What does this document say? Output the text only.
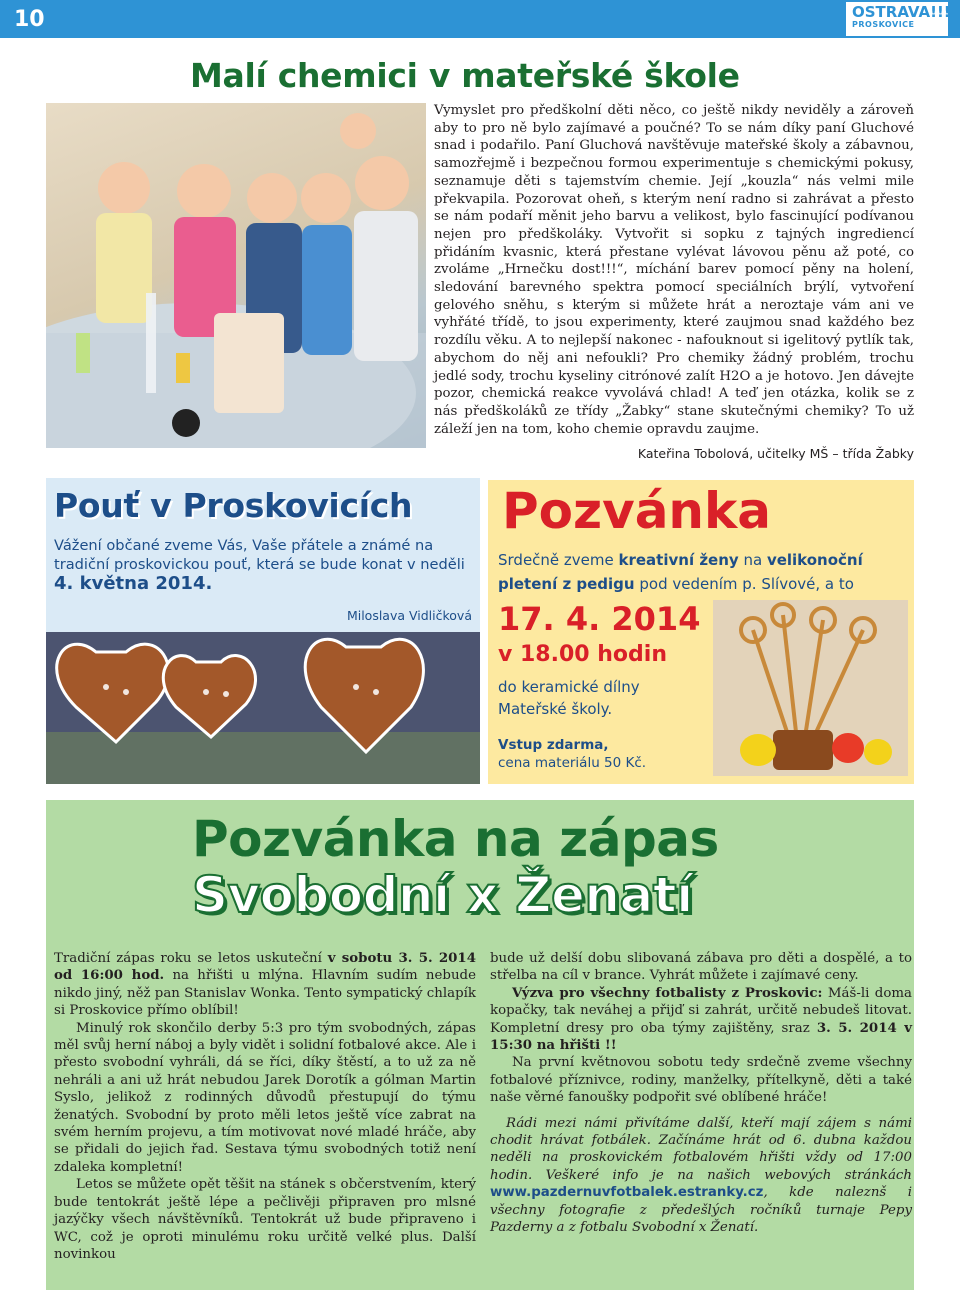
10	OSTRAVA!!!
PROSKOVICE
Malí chemici v mateřské škole
Vymyslet pro předškolní děti něco, co ještě nikdy neviděly a zároveň aby to pro ně bylo zajímavé a poučné? To se nám díky paní Gluchové snad i podařilo. Paní Gluchová navštěvuje mateřské školy a zábavnou, samozřejmě i bezpečnou formou experimentuje s chemickými pokusy, seznamuje děti s tajemstvím chemie. Její „kouzla“ nás velmi mile překvapila. Pozorovat oheň, s kterým není radno si zahrávat a přesto se nám podaří měnit jeho barvu a velikost, bylo fascinující podívanou nejen pro předškoláky. Vytvořit si sopku z tajných ingrediencí přidáním kvasnic, která přestane vylévat lávovou pěnu až poté, co zvoláme „Hrnečku dost!!!“, míchání barev pomocí pěny na holení, sledování barevného spektra pomocí speciálních brýlí, vytvoření gelového sněhu, s kterým si můžete hrát a neroztaje vám ani ve vyhřáté třídě, to jsou experimenty, které zaujmou snad každého bez rozdílu věku. A to nejlepší nakonec - nafouknout si igelitový pytlík tak, abychom do něj ani nefoukli? Pro chemiky žádný problém, trochu jedlé sody, trochu kyseliny citrónové zalít H2O a je hotovo. Jen dávejte pozor, chemická reakce vyvolává chlad! A teď jen otázka, kolik se z nás předškoláků ze třídy „Žabky“ stane skutečnými chemiky? To už záleží jen na tom, koho chemie opravdu zaujme.
Kateřina Tobolová, učitelky MŠ – třída Žabky
Pouť v Proskovicích
Vážení občané zveme Vás, Vaše přátele a známé na tradiční proskovickou pouť, která se bude konat v neděli 4. května 2014.
Miloslava Vidličková
Pozvánka
Srdečně zveme kreativní ženy na velikonoční pletení z pedigu pod vedením p. Slívové, a to
17. 4. 2014
v 18.00 hodin
do keramické dílny Mateřské školy.
Vstup zdarma,
cena materiálu 50 Kč.
Pozvánka na zápas
Svobodní x Ženatí

Tradiční zápas roku se letos uskuteční v sobotu 3. 5. 2014 od 16:00 hod. na hřišti u mlýna. Hlavním sudím nebude nikdo jiný, něž pan Stanislav Wonka. Tento sympatický chlapík si Proskovice přímo oblíbil!

Minulý rok skončilo derby 5:3 pro tým svobodných, zápas měl svůj herní náboj a byly vidět i solidní fotbalové akce. Ale i přesto svobodní vyhráli, dá se říci, díky štěstí, a to už za ně nehráli a ani už hrát nebudou Jarek Dorotík a gólman Martin Syslo, jelikož z rodinných důvodů přestupují do týmu ženatých. Svobodní by proto měli letos ještě více zabrat na svém herním projevu, a tím motivovat nové mladé hráče, aby se přidali do jejich řad. Sestava týmu svobodných totiž není zdaleka kompletní!

Letos se můžete opět těšit na stánek s občerstvením, který bude tentokrát ještě lépe a pečlivěji připraven pro mlsné jazýčky všech návštěvníků. Tentokrát už bude připraveno i WC, což je oproti minulému roku určitě velké plus. Další novinkou

bude už delší dobu slibovaná zábava pro děti a dospělé, a to střelba na cíl v brance. Vyhrát můžete i zajímavé ceny.

Výzva pro všechny fotbalisty z Proskovic: Máš-li doma kopačky, tak neváhej a přijď si zahrát, určitě nebudeš litovat. Kompletní dresy pro oba týmy zajištěny, sraz 3. 5. 2014 v 15:30 na hřišti !!

Na první květnovou sobotu tedy srdečně zveme všechny fotbalové příznivce, rodiny, manželky, přítelkyně, děti a také naše věrné fanoušky podpořit své oblíbené hráče!

Rádi mezi námi přivítáme další, kteří mají zájem s námi chodit hrávat fotbálek. Začínáme hrát od 6. dubna každou neděli na proskovickém fotbalovém hřišti vždy od 17:00 hodin. Veškeré info je na našich webových stránkách www.pazdernuvfotbalek.estranky.cz, kde naleznš i všechny fotografie z předešlých ročníků turnaje Pepy Pazderny a z fotbalu Svobodní x Ženatí.
